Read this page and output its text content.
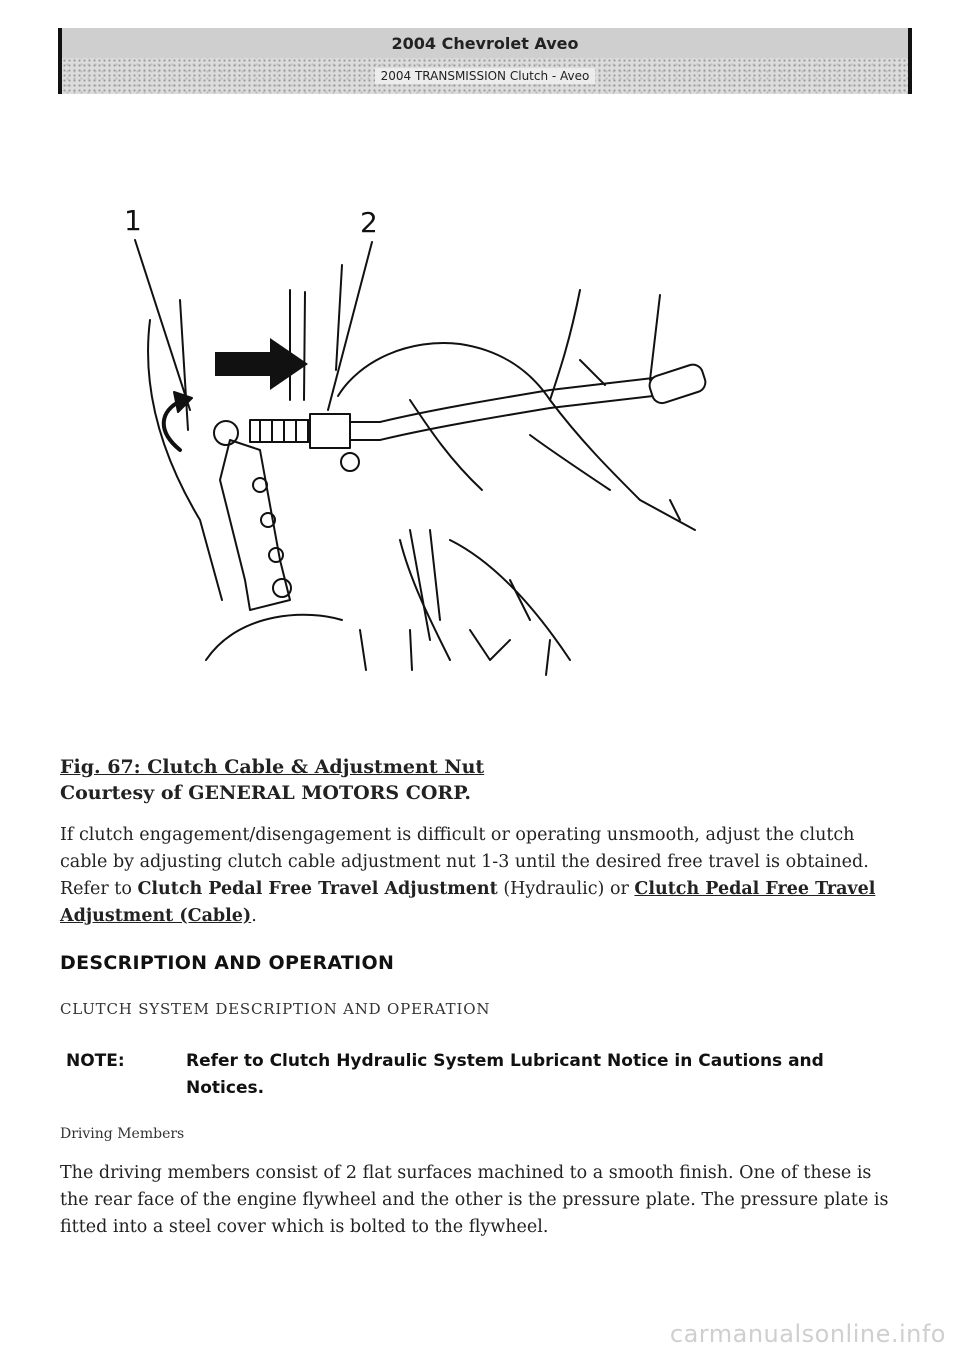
2004 Chevrolet Aveo
2004 TRANSMISSION Clutch - Aveo
1	2
Fig. 67: Clutch Cable & Adjustment Nut
Courtesy of GENERAL MOTORS CORP.
If clutch engagement/disengagement is difficult or operating unsmooth, adjust the clutch cable by adjusting clutch cable adjustment nut 1-3 until the desired free travel is obtained. Refer to Clutch Pedal Free Travel Adjustment (Hydraulic) or Clutch Pedal Free Travel Adjustment (Cable).
DESCRIPTION AND OPERATION
CLUTCH SYSTEM DESCRIPTION AND OPERATION
NOTE:	Refer to Clutch Hydraulic System Lubricant Notice in Cautions and Notices.
Driving Members
The driving members consist of 2 flat surfaces machined to a smooth finish. One of these is the rear face of the engine flywheel and the other is the pressure plate. The pressure plate is fitted into a steel cover which is bolted to the flywheel.
carmanualsonline.info
